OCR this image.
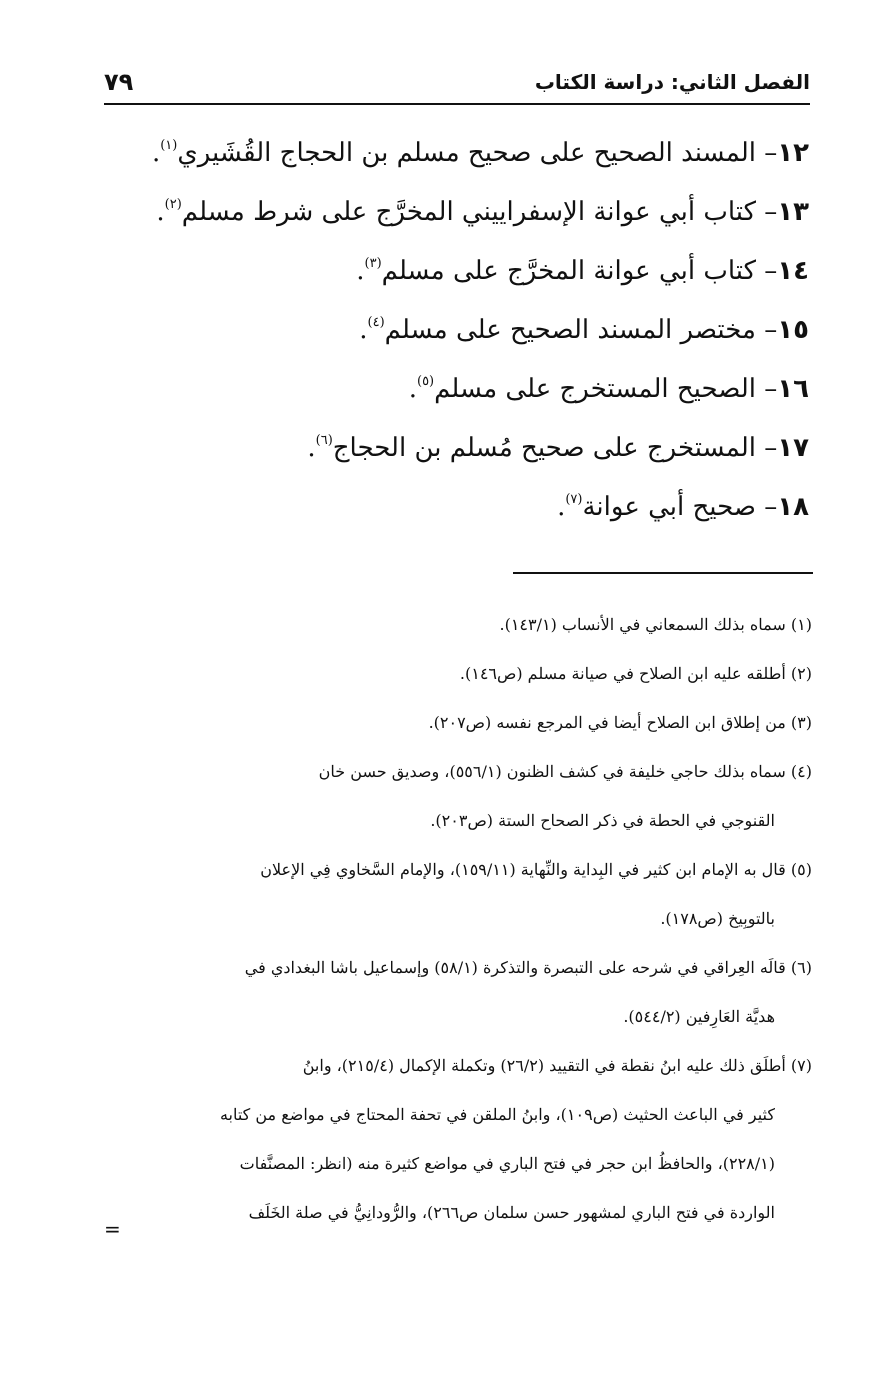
الفصل الثاني: دراسة الكتاب
٧٩
١٢– المسند الصحيح على صحيح مسلم بن الحجاج القُشَيري$^{(١)}$.
١٣– كتاب أبي عوانة الإسفراييني المخرَّج على شرط مسلم$^{(٢)}$.
١٤– كتاب أبي عوانة المخرَّج على مسلم$^{(٣)}$.
١٥– مختصر المسند الصحيح على مسلم$^{(٤)}$.
١٦– الصحيح المستخرج على مسلم$^{(٥)}$.
١٧– المستخرج على صحيح مُسلم بن الحجاج$^{(٦)}$.
١٨– صحيح أبي عوانة$^{(٧)}$.
(١) سماه بذلك السمعاني في الأنساب (١٤٣/١).
(٢) أطلقه عليه ابن الصلاح في صيانة مسلم (ص١٤٦).
(٣) من إطلاق ابن الصلاح أيضا في المرجع نفسه (ص٢٠٧).
(٤) سماه بذلك حاجي خليفة في كشف الظنون (٥٥٦/١)، وصديق حسن خان
القنوجي في الحطة في ذكر الصحاح الستة (ص٢٠٣).
(٥) قال به الإمام ابن كثير في البِداية والنِّهاية (١٥٩/١١)، والإمام السَّخاوي فِي الإعلان
بالتوبِيخ (ص١٧٨).
(٦) قالَه العِراقي في شرحه على التبصرة والتذكرة (٥٨/١) وإسماعيل باشا البغدادي في
هديَّة العَارِفين (٥٤٤/٢).
(٧) أطلَق ذلك عليه ابنُ نقطة في التقييد (٢٦/٢) وتكملة الإكمال (٢١٥/٤)، وابنُ
كثير في الباعث الحثيث (ص١٠٩)، وابنُ الملقن في تحفة المحتاج في مواضع من كتابه
(٢٢٨/١)، والحافظُ ابن حجر في فتح الباري في مواضع كثيرة منه (انظر: المصنَّفات
الواردة في فتح الباري لمشهور حسن سلمان ص٢٦٦)، والرُّودانِيُّ في صلة الخَلَف
=
